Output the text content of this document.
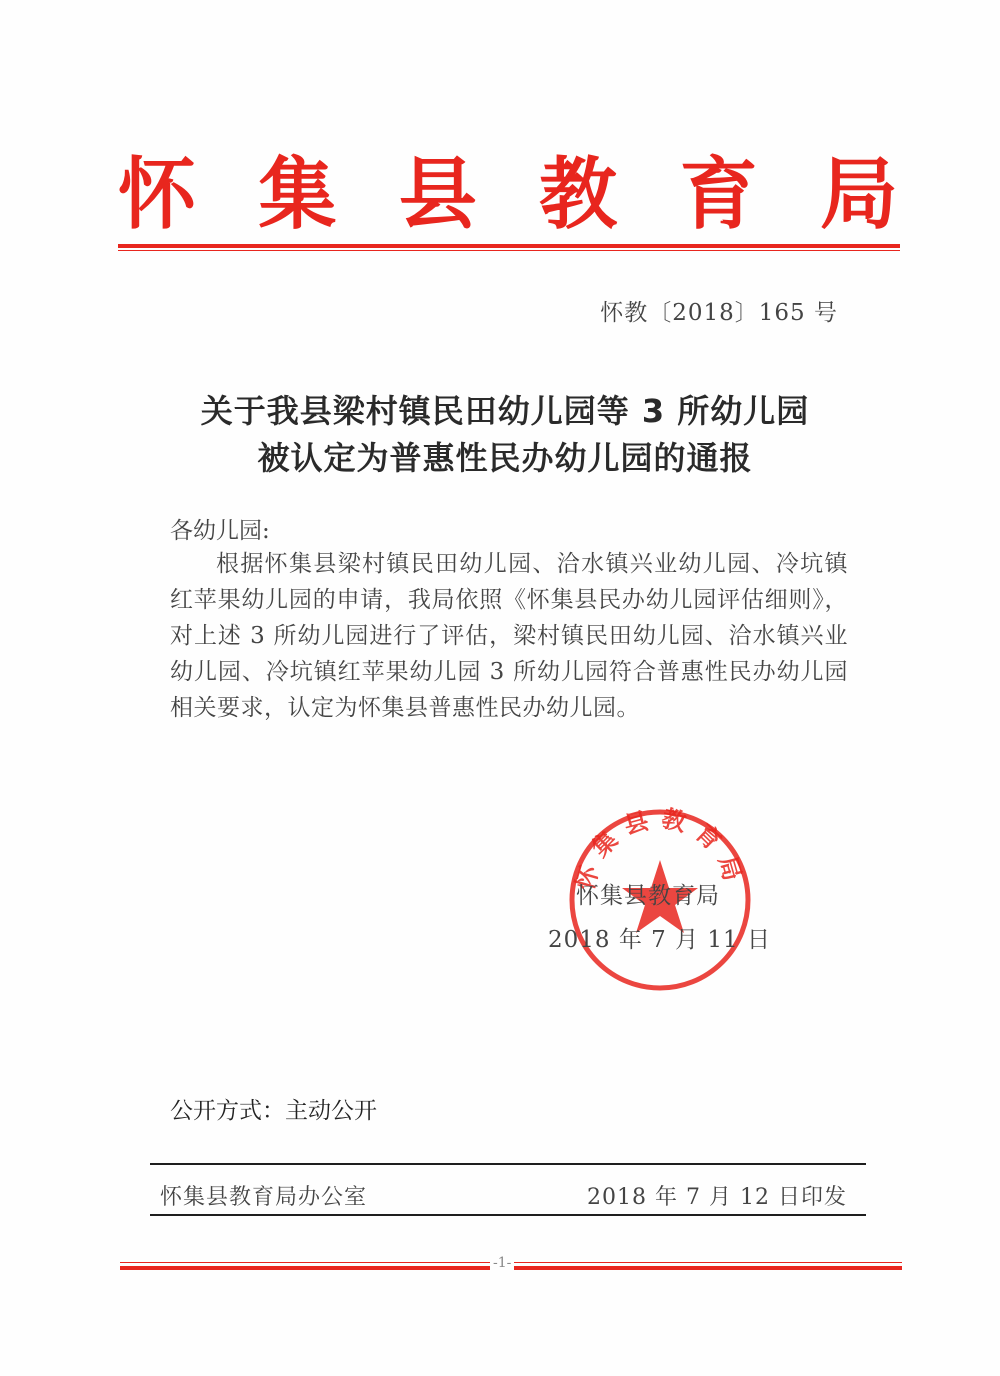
怀 集 县 教 育 局
怀教〔2018〕165 号
关于我县梁村镇民田幼儿园等 3 所幼儿园
被认定为普惠性民办幼儿园的通报
各幼儿园:
根据怀集县梁村镇民田幼儿园、洽水镇兴业幼儿园、冷坑镇红苹果幼儿园的申请，我局依照《怀集县民办幼儿园评估细则》，对上述 3 所幼儿园进行了评估，梁村镇民田幼儿园、洽水镇兴业幼儿园、冷坑镇红苹果幼儿园 3 所幼儿园符合普惠性民办幼儿园相关要求，认定为怀集县普惠性民办幼儿园。
怀集县教育局
怀集县教育局
2018 年 7 月 11 日
公开方式：主动公开
怀集县教育局办公室	2018 年 7 月 12 日印发
-1-
